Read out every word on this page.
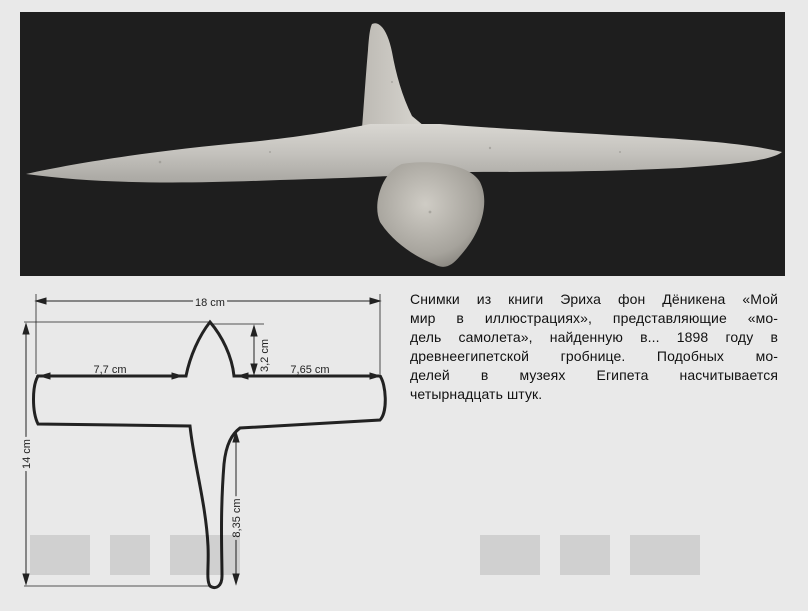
18 cm
7,7 cm	7,65 cm
3,2 cm
14 cm
8,35 cm
Снимки из книги Эриха фон Дёникена «Мой
мир в иллюстрациях», представляющие «мо-
дель самолета», найденную в... 1898 году в
древнеегипетской гробнице. Подобных мо-
делей в музеях Египета насчитывается
четырнадцать штук.
